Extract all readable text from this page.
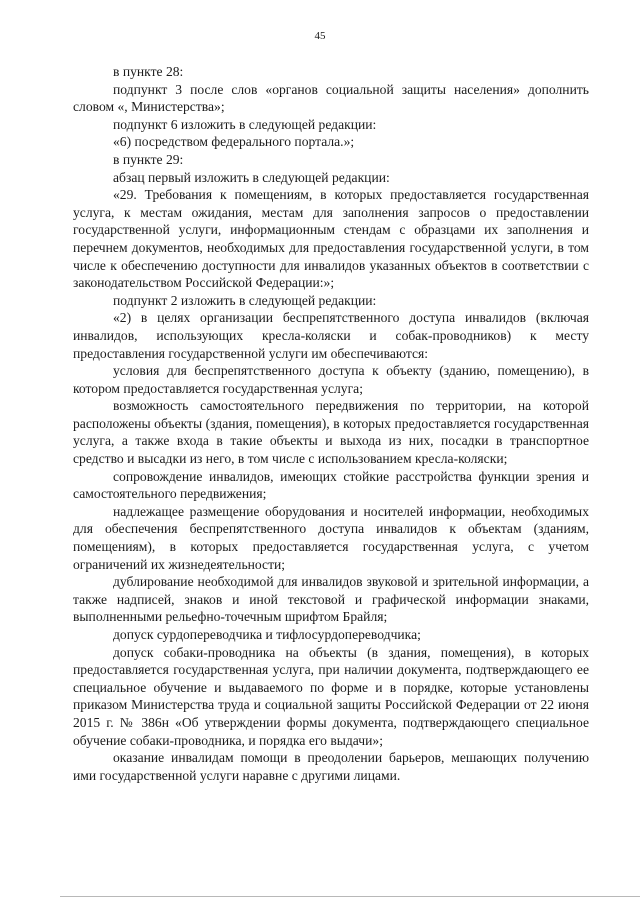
45

в пункте 28:

подпункт 3 после слов «органов социальной защиты населения» дополнить словом «, Министерства»;

подпункт 6 изложить в следующей редакции:

«6) посредством федерального портала.»;

в пункте 29:

абзац первый изложить в следующей редакции:

«29. Требования к помещениям, в которых предоставляется государственная услуга, к местам ожидания, местам для заполнения запросов о предоставлении государственной услуги, информационным стендам с образцами их заполнения и перечнем документов, необходимых для предоставления государственной услуги, в том числе к обеспечению доступности для инвалидов указанных объектов в соответствии с законодательством Российской Федерации:»;

подпункт 2 изложить в следующей редакции:

«2) в целях организации беспрепятственного доступа инвалидов (включая инвалидов, использующих кресла-коляски и собак-проводников) к месту предоставления государственной услуги им обеспечиваются:

условия для беспрепятственного доступа к объекту (зданию, помещению), в котором предоставляется государственная услуга;

возможность самостоятельного передвижения по территории, на которой расположены объекты (здания, помещения), в которых предоставляется государственная услуга, а также входа в такие объекты и выхода из них, посадки в транспортное средство и высадки из него, в том числе с использованием кресла-коляски;

сопровождение инвалидов, имеющих стойкие расстройства функции зрения и самостоятельного передвижения;

надлежащее размещение оборудования и носителей информации, необходимых для обеспечения беспрепятственного доступа инвалидов к объектам (зданиям, помещениям), в которых предоставляется государственная услуга, с учетом ограничений их жизнедеятельности;

дублирование необходимой для инвалидов звуковой и зрительной информации, а также надписей, знаков и иной текстовой и графической информации знаками, выполненными рельефно-точечным шрифтом Брайля;

допуск сурдопереводчика и тифлосурдопереводчика;

допуск собаки-проводника на объекты (в здания, помещения), в которых предоставляется государственная услуга, при наличии документа, подтверждающего ее специальное обучение и выдаваемого по форме и в порядке, которые установлены приказом Министерства труда и социальной защиты Российской Федерации от 22 июня 2015 г. № 386н «Об утверждении формы документа, подтверждающего специальное обучение собаки-проводника, и порядка его выдачи»;

оказание инвалидам помощи в преодолении барьеров, мешающих получению ими государственной услуги наравне с другими лицами.
